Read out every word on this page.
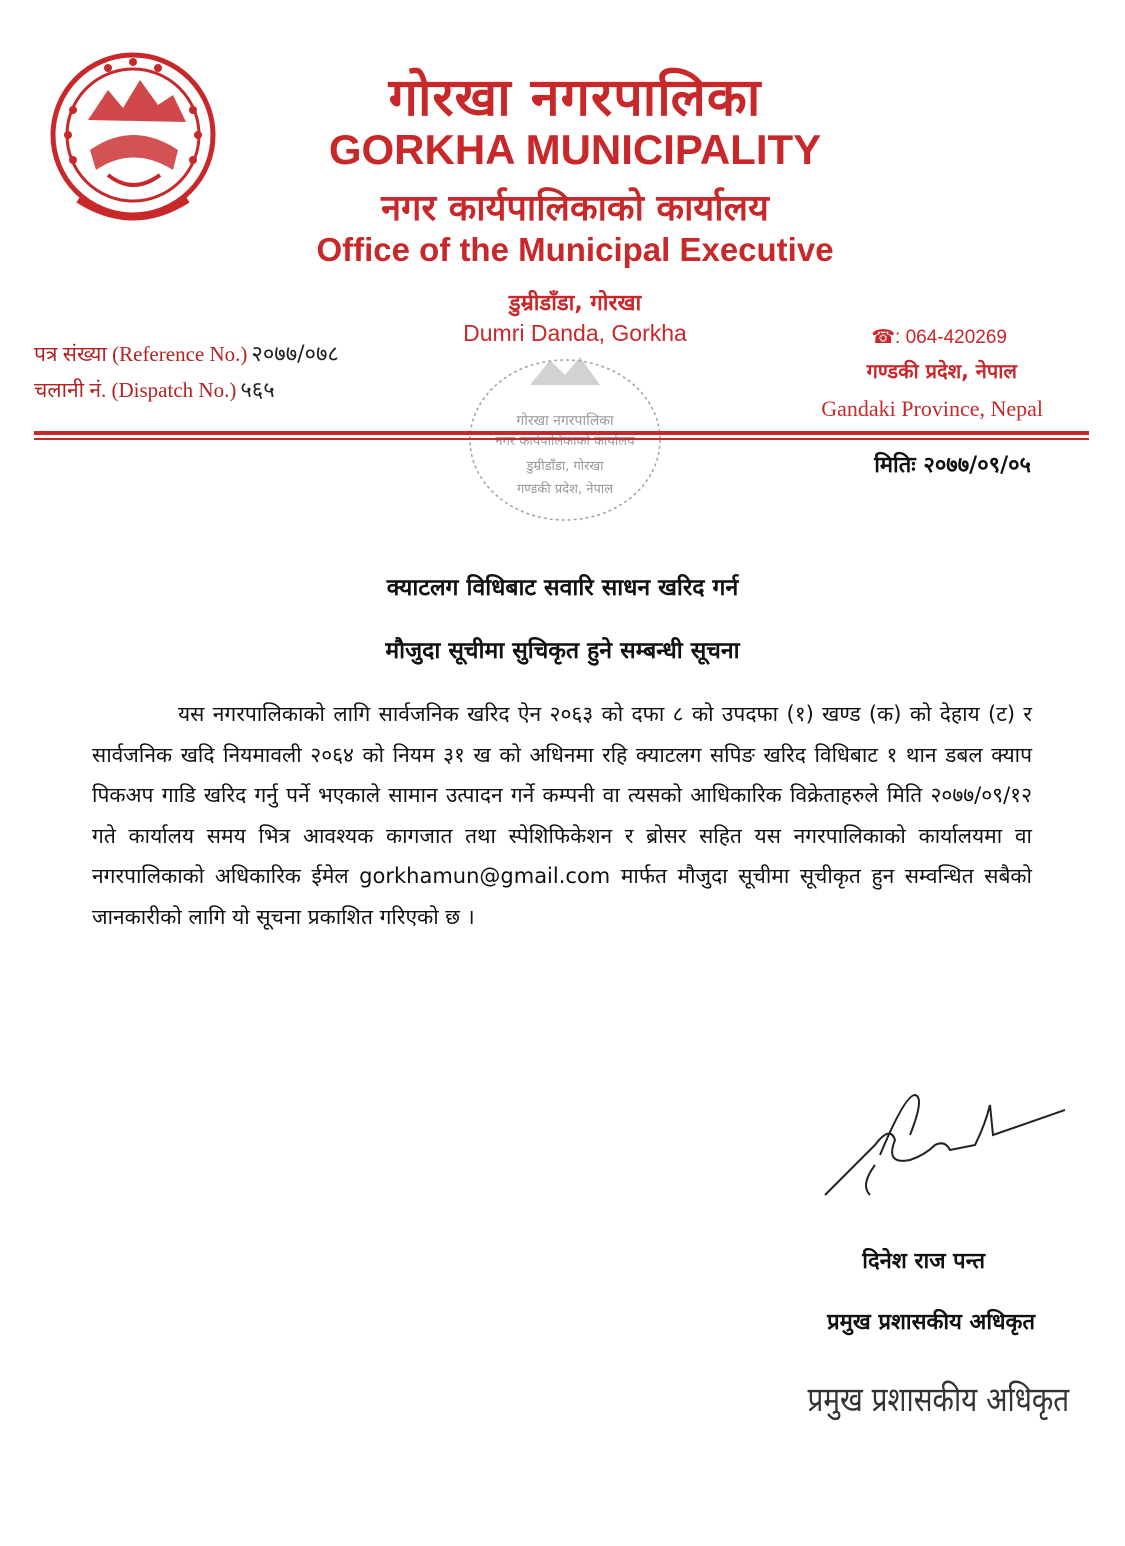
गोरखा नगरपालिका
GORKHA MUNICIPALITY
नगर कार्यपालिकाको कार्यालय
Office of the Municipal Executive
डुम्रीडाँडा, गोरखा
Dumri Danda, Gorkha
पत्र संख्या (Reference No.) २०७७/०७८
चलानी नं. (Dispatch No.) ५६५
☎: 064-420269
गण्डकी प्रदेश, नेपाल
Gandaki Province, Nepal
गोरखा नगरपालिका
नगर कार्यपालिकाको कार्यालय
डुम्रीडाँडा, गोरखा
गण्डकी प्रदेश, नेपाल
मितिः २०७७/०९/०५
क्याटलग विधिबाट सवारि साधन खरिद गर्न
मौजुदा सूचीमा सुचिकृत हुने सम्बन्धी सूचना
यस नगरपालिकाको लागि सार्वजनिक खरिद ऐन २०६३ को दफा ८ को उपदफा (१) खण्ड (क) को देहाय (ट) र सार्वजनिक खदि नियमावली २०६४ को नियम ३१ ख को अधिनमा रहि क्याटलग सपिङ खरिद विधिबाट १ थान डबल क्याप पिकअप गाडि खरिद गर्नु पर्ने भएकाले सामान उत्पादन गर्ने कम्पनी वा त्यसको आधिकारिक विक्रेताहरुले मिति २०७७/०९/१२ गते कार्यालय समय भित्र आवश्यक कागजात तथा स्पेशिफिकेशन र ब्रोसर सहित यस नगरपालिकाको कार्यालयमा वा नगरपालिकाको अधिकारिक ईमेल gorkhamun@gmail.com मार्फत मौजुदा सूचीमा सूचीकृत हुन सम्वन्धित सबैको जानकारीको लागि यो सूचना प्रकाशित गरिएको छ ।
दिनेश राज पन्त
प्रमुख प्रशासकीय अधिकृत
प्रमुख प्रशासकीय अधिकृत
